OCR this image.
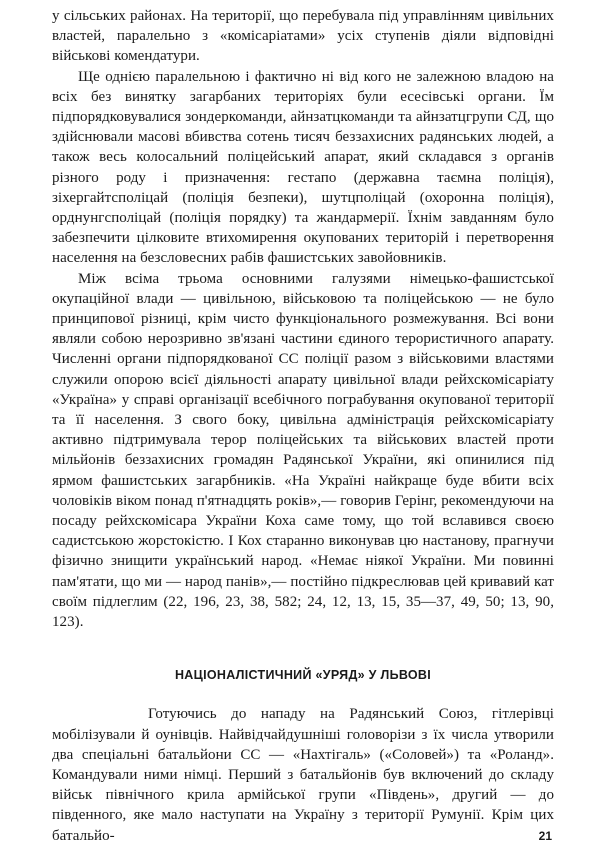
у сільських районах. На території, що перебувала під управлінням цивільних властей, паралельно з «комісаріатами» усіх ступенів діяли відповідні військові комендатури.

Ще однією паралельною і фактично ні від кого не залежною владою на всіх без винятку загарбаних територіях були есесівські органи. Їм підпорядковувалися зондеркоманди, айнзатцкоманди та айнзатцгрупи СД, що здійснювали масові вбивства сотень тисяч беззахисних радянських людей, а також весь колосальний поліцейський апарат, який складався з органів різного роду і призначення: гестапо (державна таємна поліція), зіхергайтсполіцай (поліція безпеки), шутцполіцай (охоронна поліція), орднунгсполіцай (поліція порядку) та жандармерії. Їхнім завданням було забезпечити цілковите втихомирення окупованих територій і перетворення населення на безсловесних рабів фашистських завойовників.

Між всіма трьома основними галузями німецько-фашистської окупаційної влади — цивільною, військовою та поліцейською — не було принципової різниці, крім чисто функціонального розмежування. Всі вони являли собою нерозривно зв'язані частини єдиного терористичного апарату. Численні органи підпорядкованої СС поліції разом з військовими властями служили опорою всієї діяльності апарату цивільної влади рейхскомісаріату «Україна» у справі організації всебічного пограбування окупованої території та її населення. З свого боку, цивільна адміністрація рейхскомісаріату активно підтримувала терор поліцейських та військових властей проти мільйонів беззахисних громадян Радянської України, які опинилися під ярмом фашистських загарбників. «На Україні найкраще буде вбити всіх чоловіків віком понад п'ятнадцять років»,— говорив Герінг, рекомендуючи на посаду рейхскомісара України Коха саме тому, що той вславився своєю садистською жорстокістю. І Кох старанно виконував цю настанову, прагнучи фізично знищити український народ. «Немає ніякої України. Ми повинні пам'ятати, що ми — народ панів»,— постійно підкреслював цей кривавий кат своїм підлеглим (22, 196, 23, 38, 582; 24, 12, 13, 15, 35—37, 49, 50; 13, 90, 123).

НАЦІОНАЛІСТИЧНИЙ «УРЯД» У ЛЬВОВІ

Готуючись до нападу на Радянський Союз, гітлерівці мобілізували й оунівців. Найвідчайдушніші головорізи з їх числа утворили два спеціальні батальйони СС — «Нахтігаль» («Соловей») та «Роланд». Командували ними німці. Перший з батальйонів був включений до складу військ північного крила армійської групи «Південь», другий — до південного, яке мало наступати на Україну з території Румунії. Крім цих батальйо-	21
